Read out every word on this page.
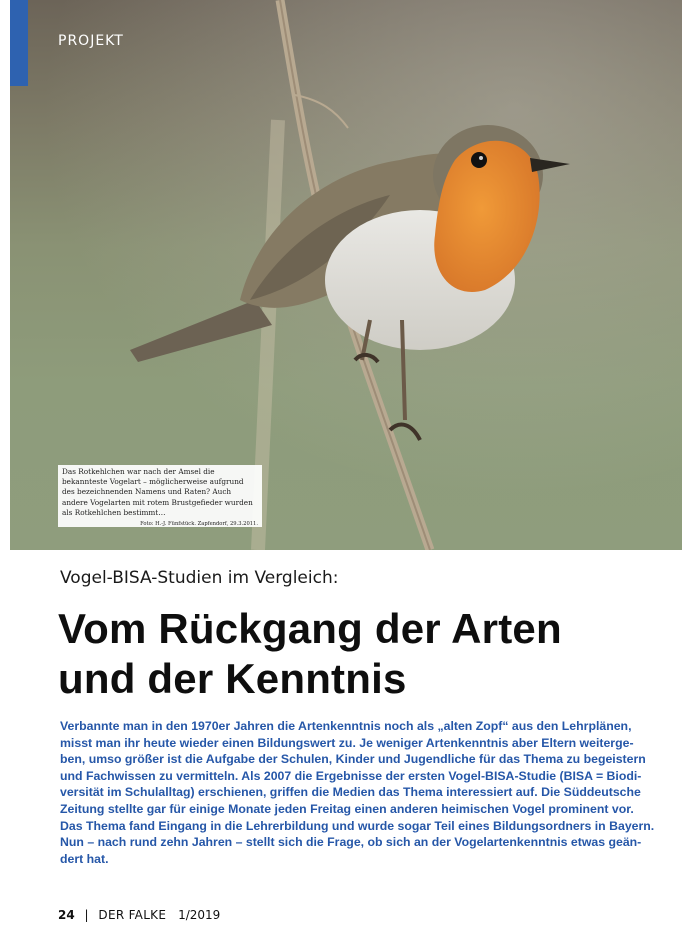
PROJEKT
Das Rotkehlchen war nach der Amsel die bekannteste Vogelart – möglicherweise aufgrund des bezeichnenden Namens und Raten? Auch andere Vogelarten mit rotem Brustgefieder wurden als Rotkehlchen bestimmt…
Foto: H.-J. Fünfstück. Zapfendorf, 29.3.2011.
Vogel-BISA-Studien im Vergleich:
Vom Rückgang der Arten
und der Kenntnis
Verbannte man in den 1970er Jahren die Artenkenntnis noch als „alten Zopf“ aus den Lehrplänen,
misst man ihr heute wieder einen Bildungswert zu. Je weniger Artenkenntnis aber Eltern weiterge-
ben, umso größer ist die Aufgabe der Schulen, Kinder und Jugendliche für das Thema zu begeistern
und Fachwissen zu vermitteln. Als 2007 die Ergebnisse der ersten Vogel-BISA-Studie (BISA = Biodi-
versität im Schulalltag) erschienen, griffen die Medien das Thema interessiert auf. Die Süddeutsche
Zeitung stellte gar für einige Monate jeden Freitag einen anderen heimischen Vogel prominent vor.
Das Thema fand Eingang in die Lehrerbildung und wurde sogar Teil eines Bildungsordners in Bayern.
Nun – nach rund zehn Jahren – stellt sich die Frage, ob sich an der Vogelartenkenntnis etwas geän-
dert hat.
24 | DER FALKE 1/2019
